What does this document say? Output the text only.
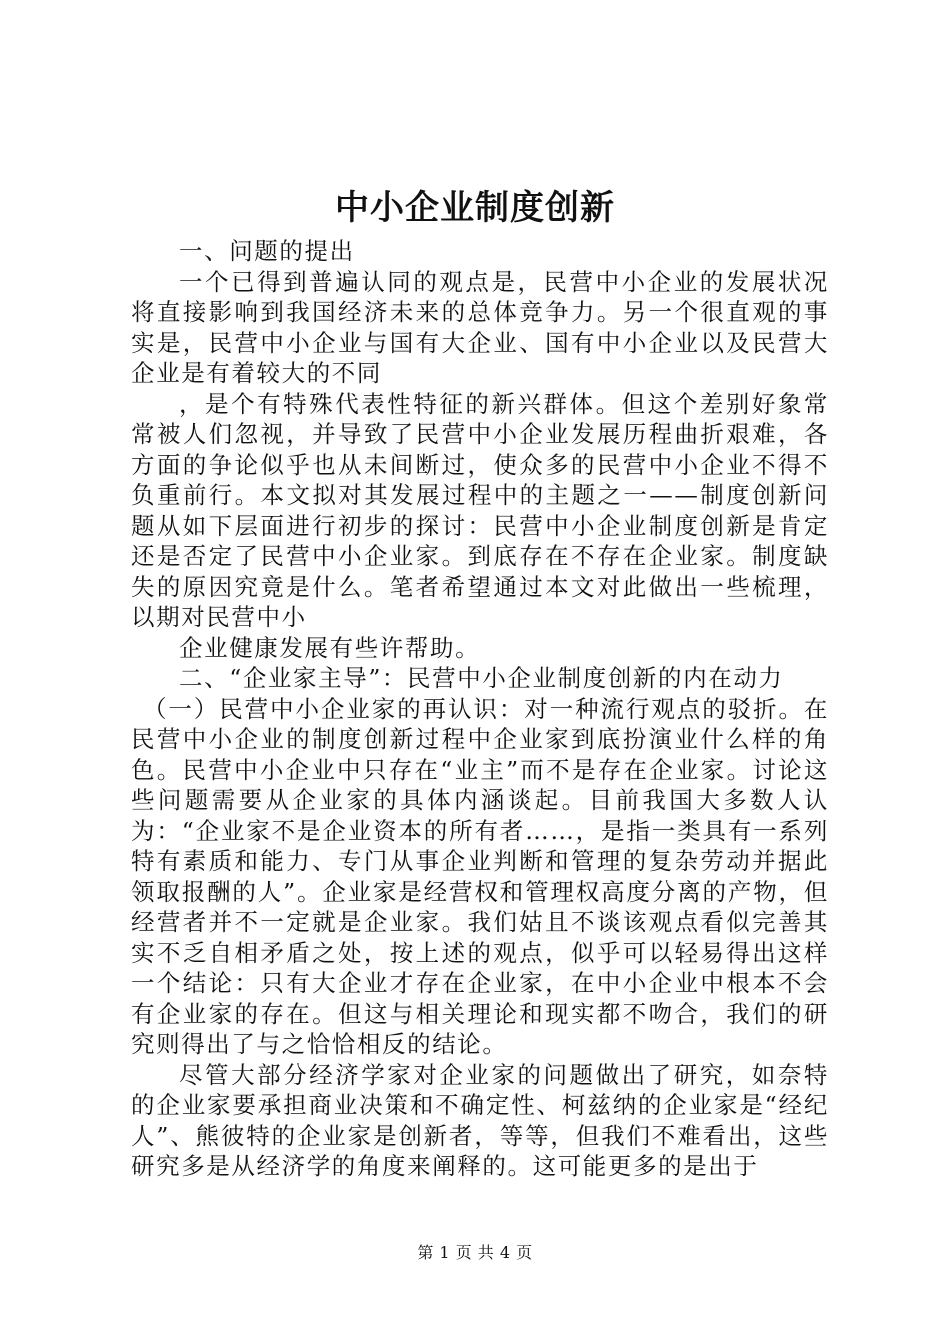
中小企业制度创新

一、问题的提出

一个已得到普遍认同的观点是，民营中小企业的发展状况将直接影响到我国经济未来的总体竞争力。另一个很直观的事实是，民营中小企业与国有大企业、国有中小企业以及民营大企业是有着较大的不同

，是个有特殊代表性特征的新兴群体。但这个差别好象常常被人们忽视，并导致了民营中小企业发展历程曲折艰难，各方面的争论似乎也从未间断过，使众多的民营中小企业不得不负重前行。本文拟对其发展过程中的主题之一——制度创新问题从如下层面进行初步的探讨：民营中小企业制度创新是肯定还是否定了民营中小企业家。到底存在不存在企业家。制度缺失的原因究竟是什么。笔者希望通过本文对此做出一些梳理，以期对民营中小

企业健康发展有些许帮助。

二、“企业家主导”：民营中小企业制度创新的内在动力

（一）民营中小企业家的再认识：对一种流行观点的驳折。在民营中小企业的制度创新过程中企业家到底扮演业什么样的角色。民营中小企业中只存在“业主”而不是存在企业家。讨论这些问题需要从企业家的具体内涵谈起。目前我国大多数人认为：“企业家不是企业资本的所有者……，是指一类具有一系列特有素质和能力、专门从事企业判断和管理的复杂劳动并据此领取报酬的人”。企业家是经营权和管理权高度分离的产物，但经营者并不一定就是企业家。我们姑且不谈该观点看似完善其实不乏自相矛盾之处，按上述的观点，似乎可以轻易得出这样一个结论：只有大企业才存在企业家，在中小企业中根本不会有企业家的存在。但这与相关理论和现实都不吻合，我们的研究则得出了与之恰恰相反的结论。

尽管大部分经济学家对企业家的问题做出了研究，如奈特的企业家要承担商业决策和不确定性、柯兹纳的企业家是“经纪人”、熊彼特的企业家是创新者，等等，但我们不难看出，这些研究多是从经济学的角度来阐释的。这可能更多的是出于

第 1 页 共 4 页
